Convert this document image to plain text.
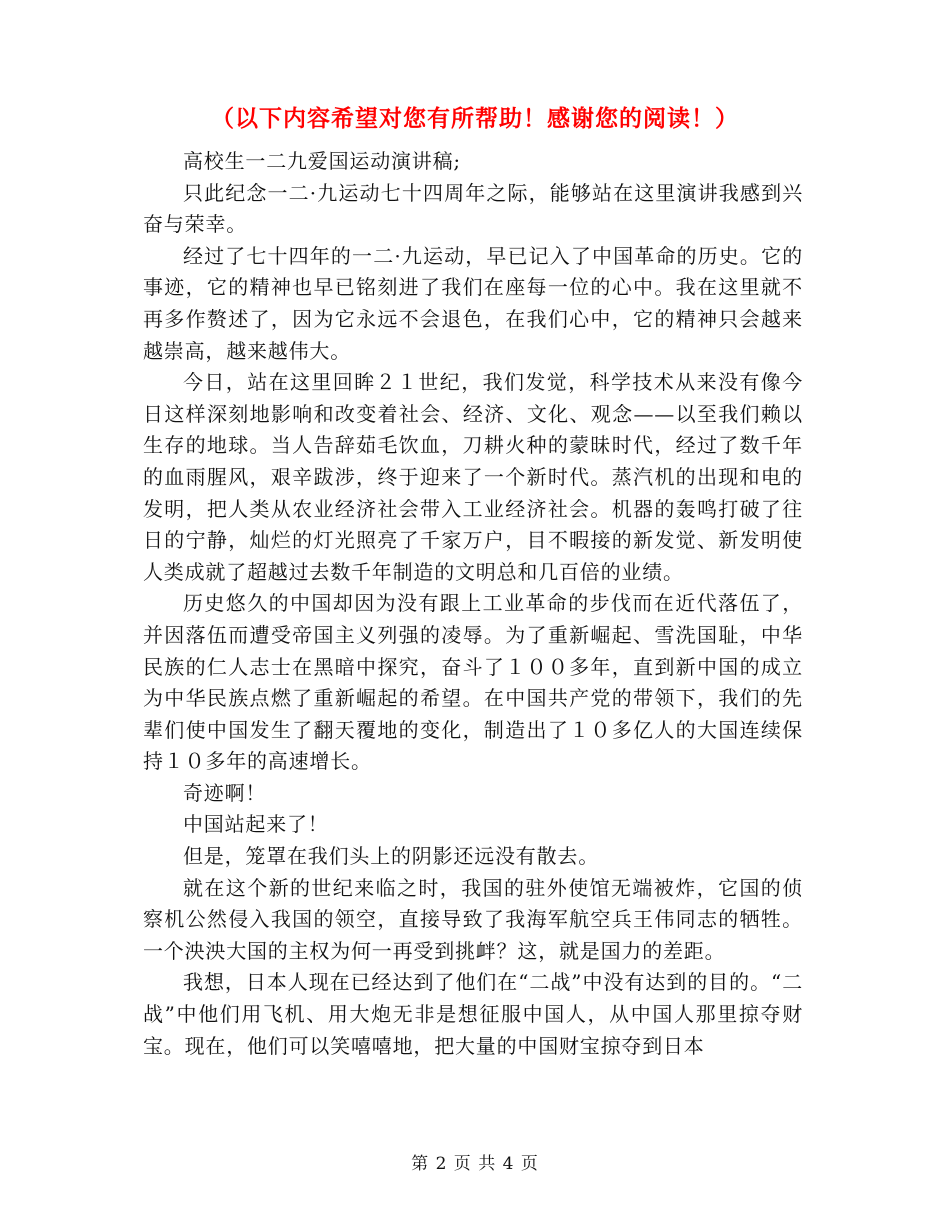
（以下内容希望对您有所帮助！感谢您的阅读！）

高校生一二九爱国运动演讲稿;

只此纪念一二·九运动七十四周年之际，能够站在这里演讲我感到兴奋与荣幸。

经过了七十四年的一二·九运动，早已记入了中国革命的历史。它的事迹，它的精神也早已铭刻进了我们在座每一位的心中。我在这里就不再多作赘述了，因为它永远不会退色，在我们心中，它的精神只会越来越崇高，越来越伟大。

今日，站在这里回眸２１世纪，我们发觉，科学技术从来没有像今日这样深刻地影响和改变着社会、经济、文化、观念——以至我们赖以生存的地球。当人告辞茹毛饮血，刀耕火种的蒙昧时代，经过了数千年的血雨腥风，艰辛跋涉，终于迎来了一个新时代。蒸汽机的出现和电的发明，把人类从农业经济社会带入工业经济社会。机器的轰鸣打破了往日的宁静，灿烂的灯光照亮了千家万户，目不暇接的新发觉、新发明使人类成就了超越过去数千年制造的文明总和几百倍的业绩。

历史悠久的中国却因为没有跟上工业革命的步伐而在近代落伍了，并因落伍而遭受帝国主义列强的凌辱。为了重新崛起、雪洗国耻，中华民族的仁人志士在黑暗中探究，奋斗了１００多年，直到新中国的成立为中华民族点燃了重新崛起的希望。在中国共产党的带领下，我们的先辈们使中国发生了翻天覆地的变化，制造出了１０多亿人的大国连续保持１０多年的高速增长。

奇迹啊！

中国站起来了！

但是，笼罩在我们头上的阴影还远没有散去。

就在这个新的世纪来临之时，我国的驻外使馆无端被炸，它国的侦察机公然侵入我国的领空，直接导致了我海军航空兵王伟同志的牺牲。一个泱泱大国的主权为何一再受到挑衅？这，就是国力的差距。

我想，日本人现在已经达到了他们在“二战”中没有达到的目的。“二战”中他们用飞机、用大炮无非是想征服中国人，从中国人那里掠夺财宝。现在，他们可以笑嘻嘻地，把大量的中国财宝掠夺到日本

第 2 页 共 4 页
